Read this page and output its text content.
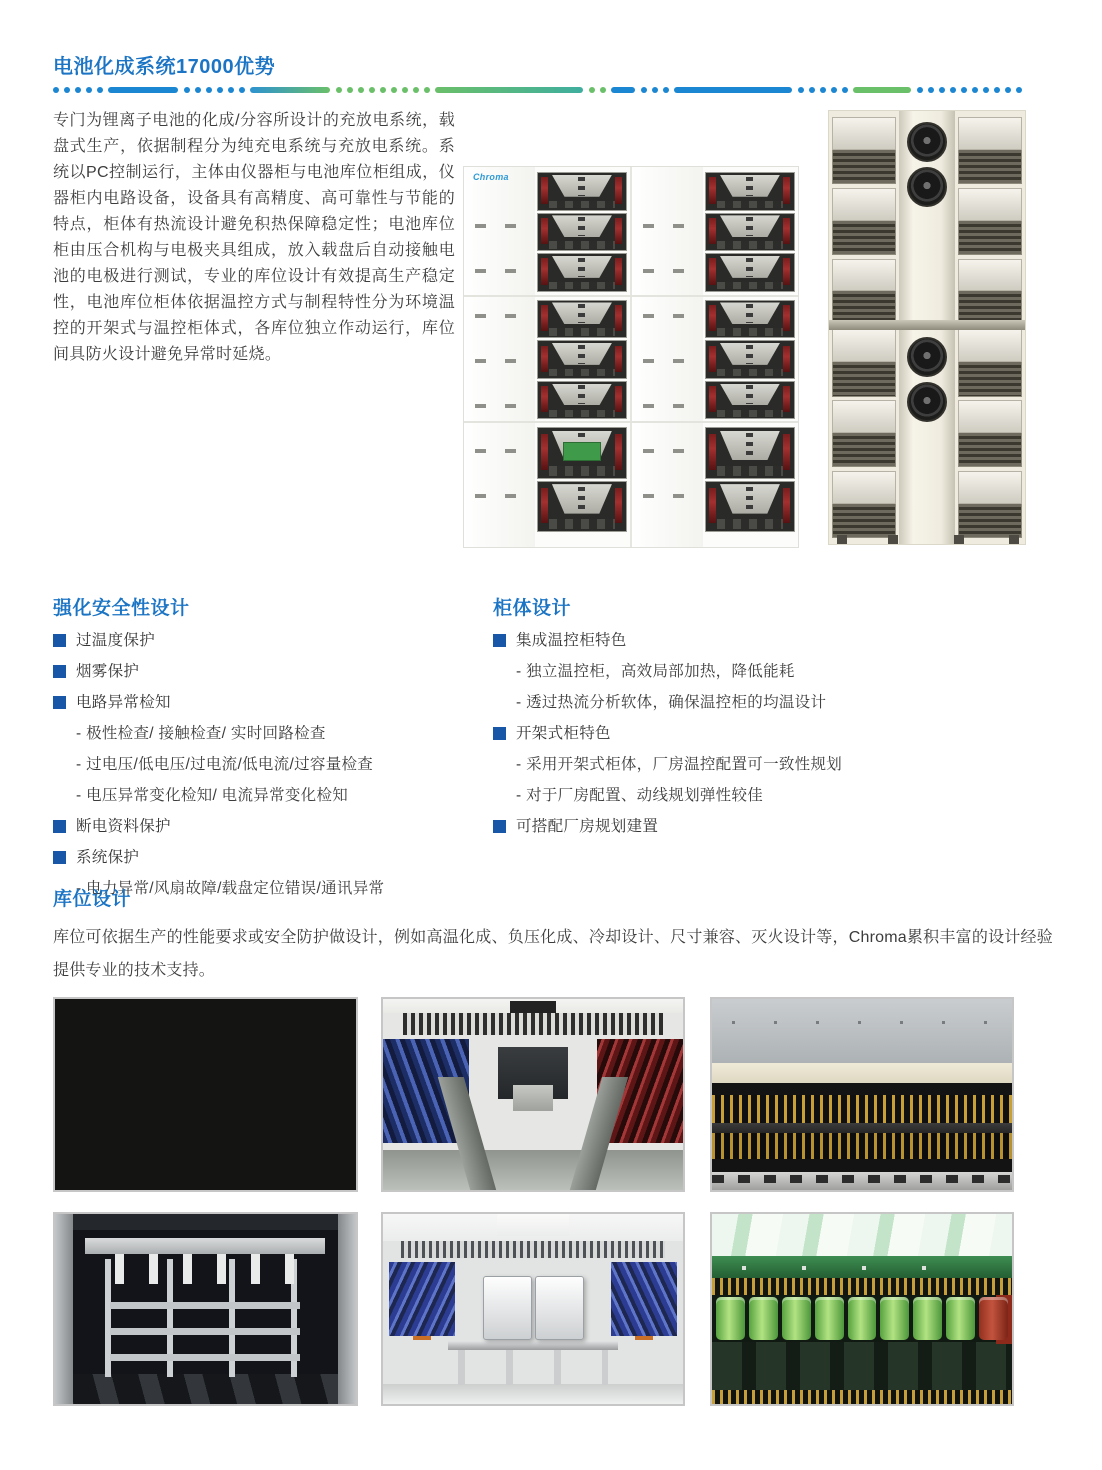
电池化成系统17000优势

专门为锂离子电池的化成/分容所设计的充放电系统，载盘式生产，依据制程分为纯充电系统与充放电系统。系统以PC控制运行，主体由仪器柜与电池库位柜组成，仪器柜内电路设备，设备具有高精度、高可靠性与节能的特点，柜体有热流设计避免积热保障稳定性；电池库位柜由压合机构与电极夹具组成，放入载盘后自动接触电池的电极进行测试，专业的库位设计有效提高生产稳定性，电池库位柜体依据温控方式与制程特性分为环境温控的开架式与温控柜体式，各库位独立作动运行，库位间具防火设计避免异常时延烧。

Chroma
强化安全性设计
过温度保护
烟雾保护
电路异常检知
- 极性检查/ 接触检查/ 实时回路检查
- 过电压/低电压/过电流/低电流/过容量检查
- 电压异常变化检知/ 电流异常变化检知
断电资料保护
系统保护
- 电力异常/风扇故障/载盘定位错误/通讯异常
柜体设计
集成温控柜特色
- 独立温控柜，高效局部加热，降低能耗
- 透过热流分析软体，确保温控柜的均温设计
开架式柜特色
- 采用开架式柜体，厂房温控配置可一致性规划
- 对于厂房配置、动线规划弹性较佳
可搭配厂房规划建置
库位设计

库位可依据生产的性能要求或安全防护做设计，例如高温化成、负压化成、冷却设计、尺寸兼容、灭火设计等，Chroma累积丰富的设计经验提供专业的技术支持。
